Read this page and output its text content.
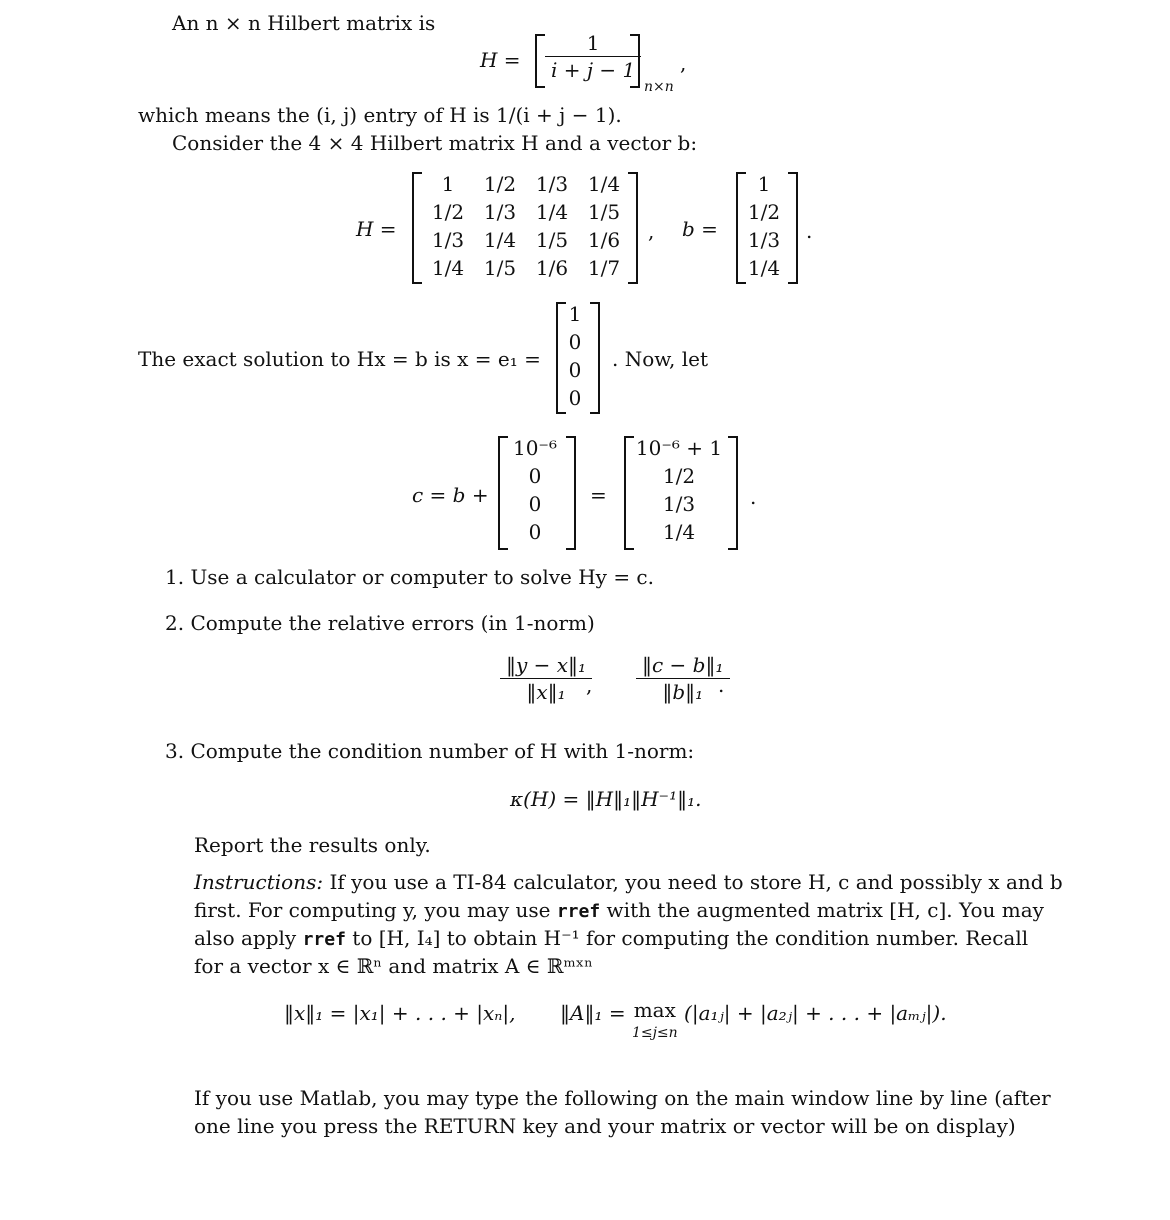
An n × n Hilbert matrix is
$H = \frac{1}{i + j - 1}$
n×n
,
which means the (i, j) entry of H is 1/(i + j − 1).
Consider the 4 × 4 Hilbert matrix H and a vector b:
H =
1	1/2 1/3 1/4
1/2 1/3 1/4 1/5
1/3 1/4 1/5 1/6
1/4 1/5 1/6 1/7
, b =
1
1/2
1/3
1/4
.
The exact solution to Hx = b is x = e₁ =
1
0
0
0
. Now, let
c = b +
10⁻⁶
0
0
0
=
10⁻⁶ + 1
1/2
1/3
1/4
.
1. Use a calculator or computer to solve Hy = c.
2. Compute the relative errors (in 1-norm)
$\frac{\text{‖y − x‖₁}}{\text{‖x‖₁}}$
, $\frac{\text{‖c − b‖₁}}{\text{‖b‖₁}}$
.
3. Compute the condition number of H with 1-norm:
κ(H) = ‖H‖₁‖H⁻¹‖₁.
Report the results only.
Instructions: If you use a TI-84 calculator, you need to store H, c and possibly x and b
first. For computing y, you may use rref with the augmented matrix [H, c]. You may
also apply rref to [H, I₄] to obtain H⁻¹ for computing the condition number. Recall
for a vector x ∈ ℝⁿ and matrix A ∈ ℝᵐˣⁿ
‖x‖₁ = |x₁| + . . . + |xₙ|, ‖A‖₁ = max
1≤j≤n (|a₁ⱼ| + |a₂ⱼ| + . . . + |aₘⱼ|).
If you use Matlab, you may type the following on the main window line by line (after
one line you press the RETURN key and your matrix or vector will be on display)
